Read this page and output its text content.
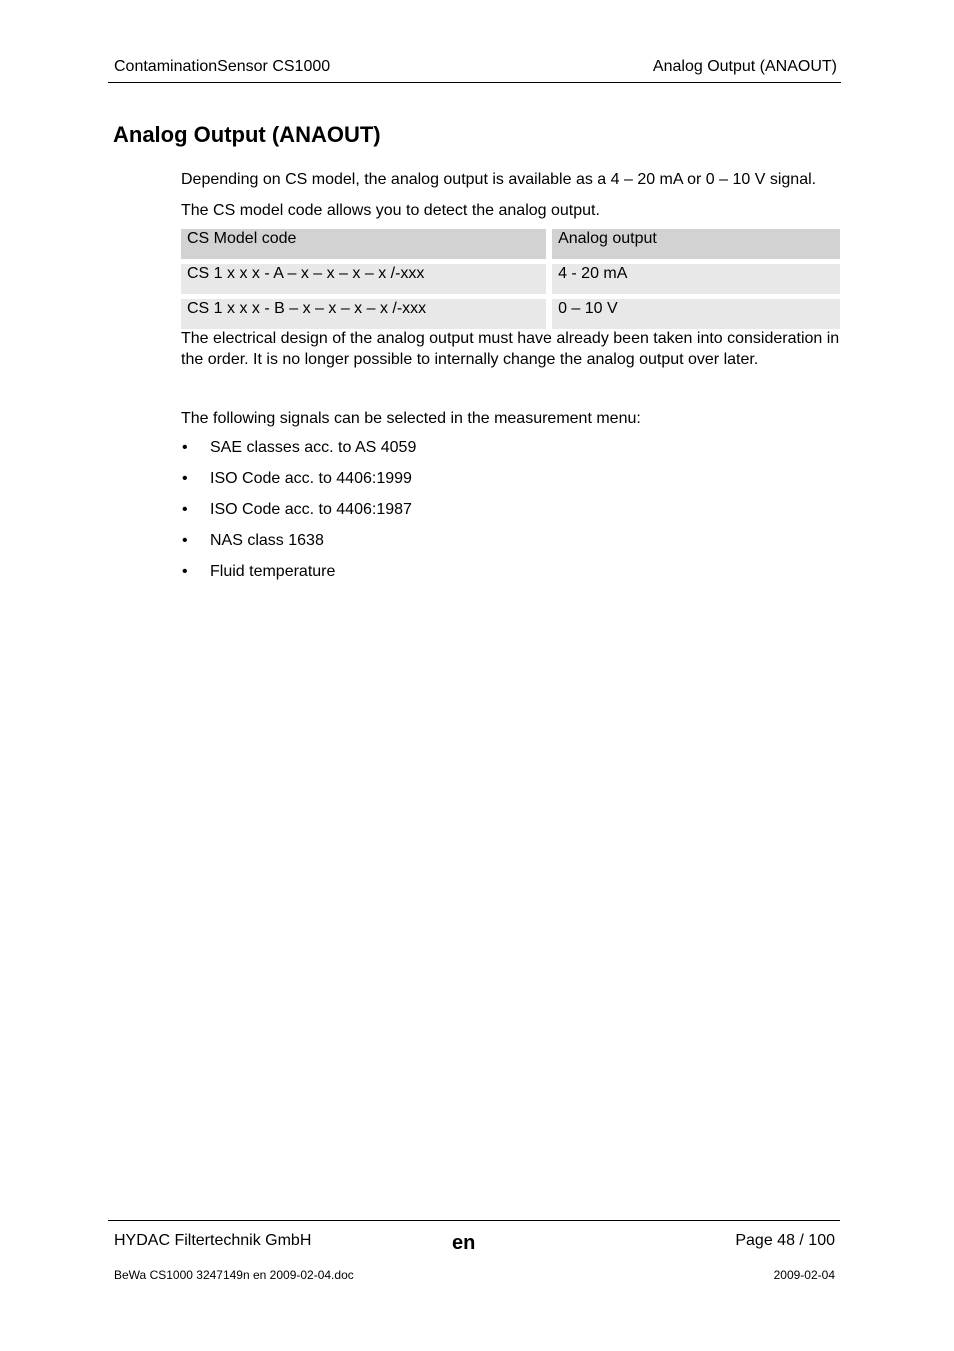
ContaminationSensor CS1000	Analog Output (ANAOUT)
Analog Output (ANAOUT)

Depending on CS model, the analog output is available as a 4 – 20 mA or 0 – 10 V signal.

The CS model code allows you to detect the analog output.

CS Model code	Analog output
CS 1 x x x - A – x – x – x – x /-xxx	4 - 20 mA
CS 1 x x x - B – x – x – x – x /-xxx	0 – 10 V

The electrical design of the analog output must have already been taken into consideration in the order. It is no longer possible to internally change the analog output over later.

The following signals can be selected in the measurement menu:

• SAE classes acc. to AS 4059
• ISO Code acc. to 4406:1999
• ISO Code acc. to 4406:1987
• NAS class 1638
• Fluid temperature
HYDAC Filtertechnik GmbH	en	Page 48 / 100
BeWa CS1000 3247149n en 2009-02-04.doc	2009-02-04
